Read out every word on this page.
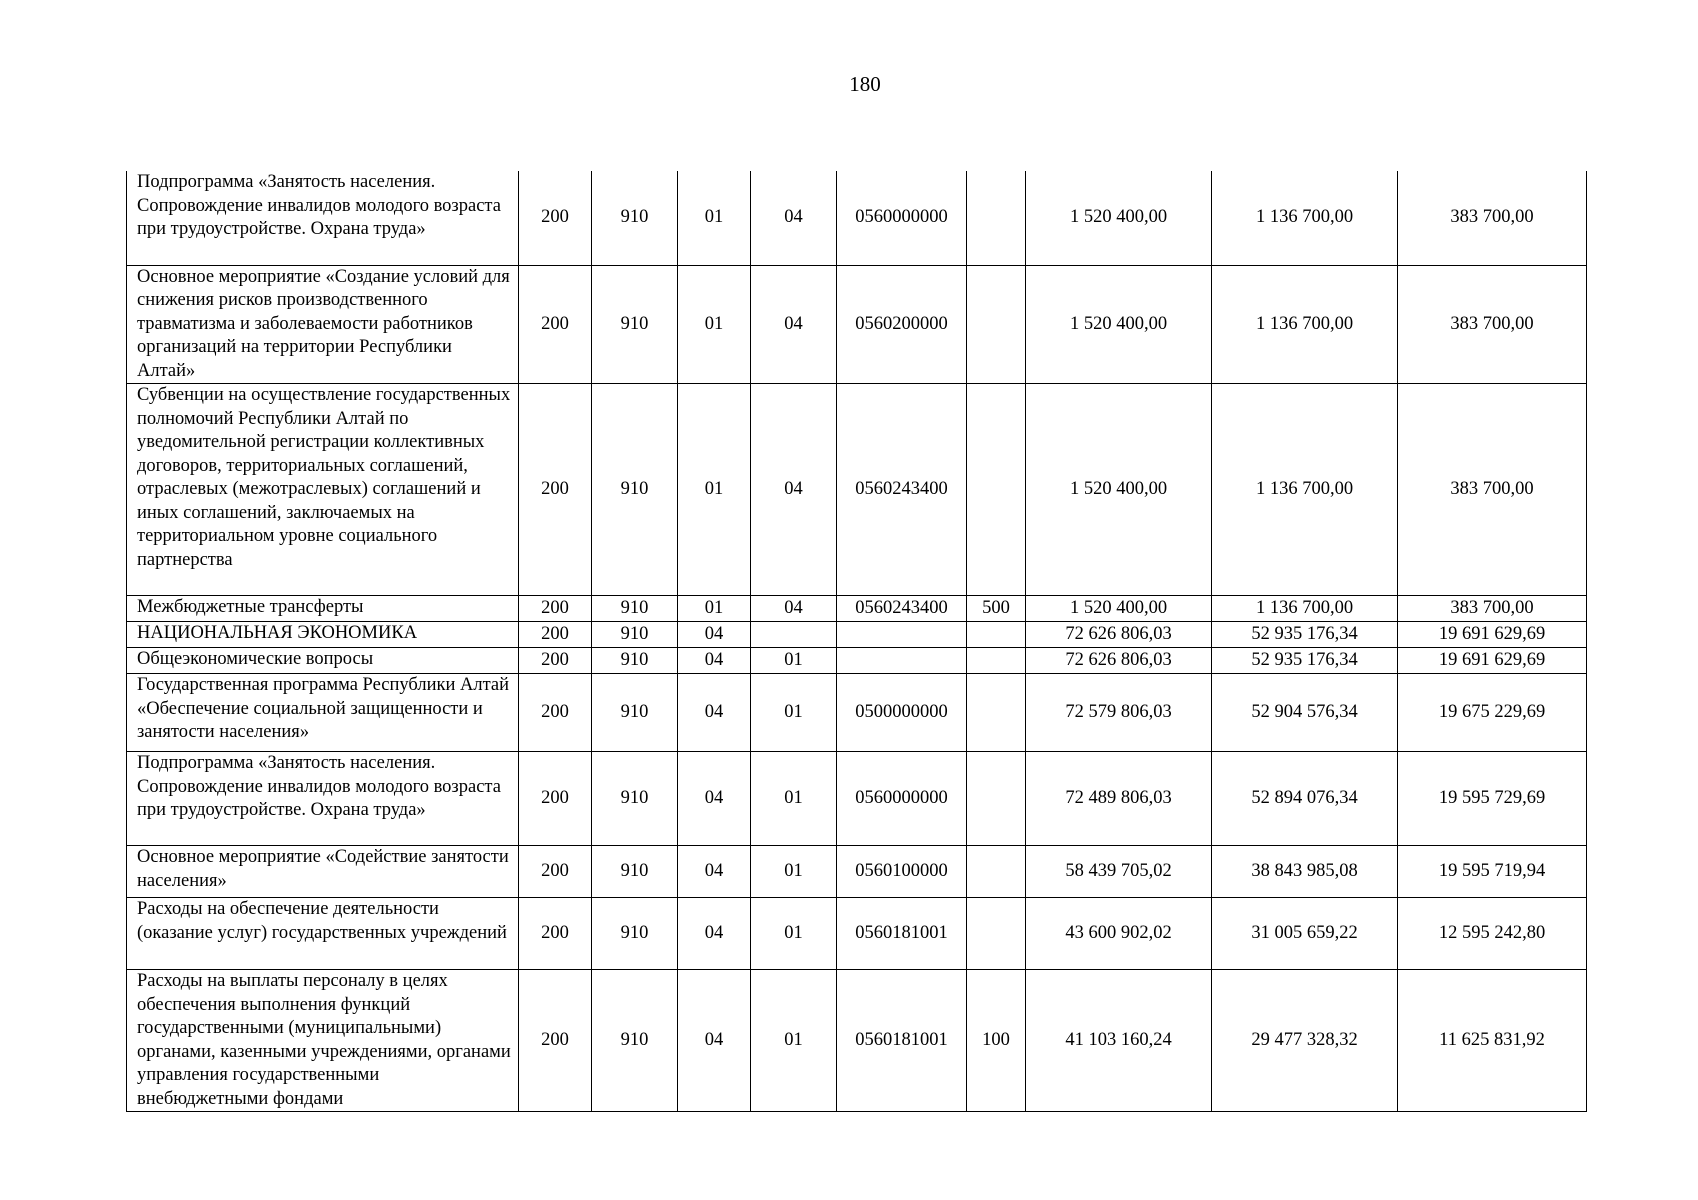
180
Подпрограмма «Занятость населения. Сопровождение инвалидов молодого возраста при трудоустройстве. Охрана труда»	200	910	01	04	0560000000		1 520 400,00	1 136 700,00	383 700,00
Основное мероприятие «Создание условий для снижения рисков производственного травматизма и заболеваемости работников организаций на территории Республики Алтай»	200	910	01	04	0560200000		1 520 400,00	1 136 700,00	383 700,00
Субвенции на осуществление государственных полномочий Республики Алтай по уведомительной регистрации коллективных договоров, территориальных соглашений, отраслевых (межотраслевых) соглашений и иных соглашений, заключаемых на территориальном уровне социального партнерства	200	910	01	04	0560243400		1 520 400,00	1 136 700,00	383 700,00
Межбюджетные трансферты	200	910	01	04	0560243400	500	1 520 400,00	1 136 700,00	383 700,00
НАЦИОНАЛЬНАЯ ЭКОНОМИКА	200	910	04				72 626 806,03	52 935 176,34	19 691 629,69
Общеэкономические вопросы	200	910	04	01			72 626 806,03	52 935 176,34	19 691 629,69
Государственная программа Республики Алтай «Обеспечение социальной защищенности и занятости населения»	200	910	04	01	0500000000		72 579 806,03	52 904 576,34	19 675 229,69
Подпрограмма «Занятость населения. Сопровождение инвалидов молодого возраста при трудоустройстве. Охрана труда»	200	910	04	01	0560000000		72 489 806,03	52 894 076,34	19 595 729,69
Основное мероприятие «Содействие занятости населения»	200	910	04	01	0560100000		58 439 705,02	38 843 985,08	19 595 719,94
Расходы на обеспечение деятельности (оказание услуг) государственных учреждений	200	910	04	01	0560181001		43 600 902,02	31 005 659,22	12 595 242,80
Расходы на выплаты персоналу в целях обеспечения выполнения функций государственными (муниципальными) органами, казенными учреждениями, органами управления государственными внебюджетными фондами	200	910	04	01	0560181001	100	41 103 160,24	29 477 328,32	11 625 831,92
